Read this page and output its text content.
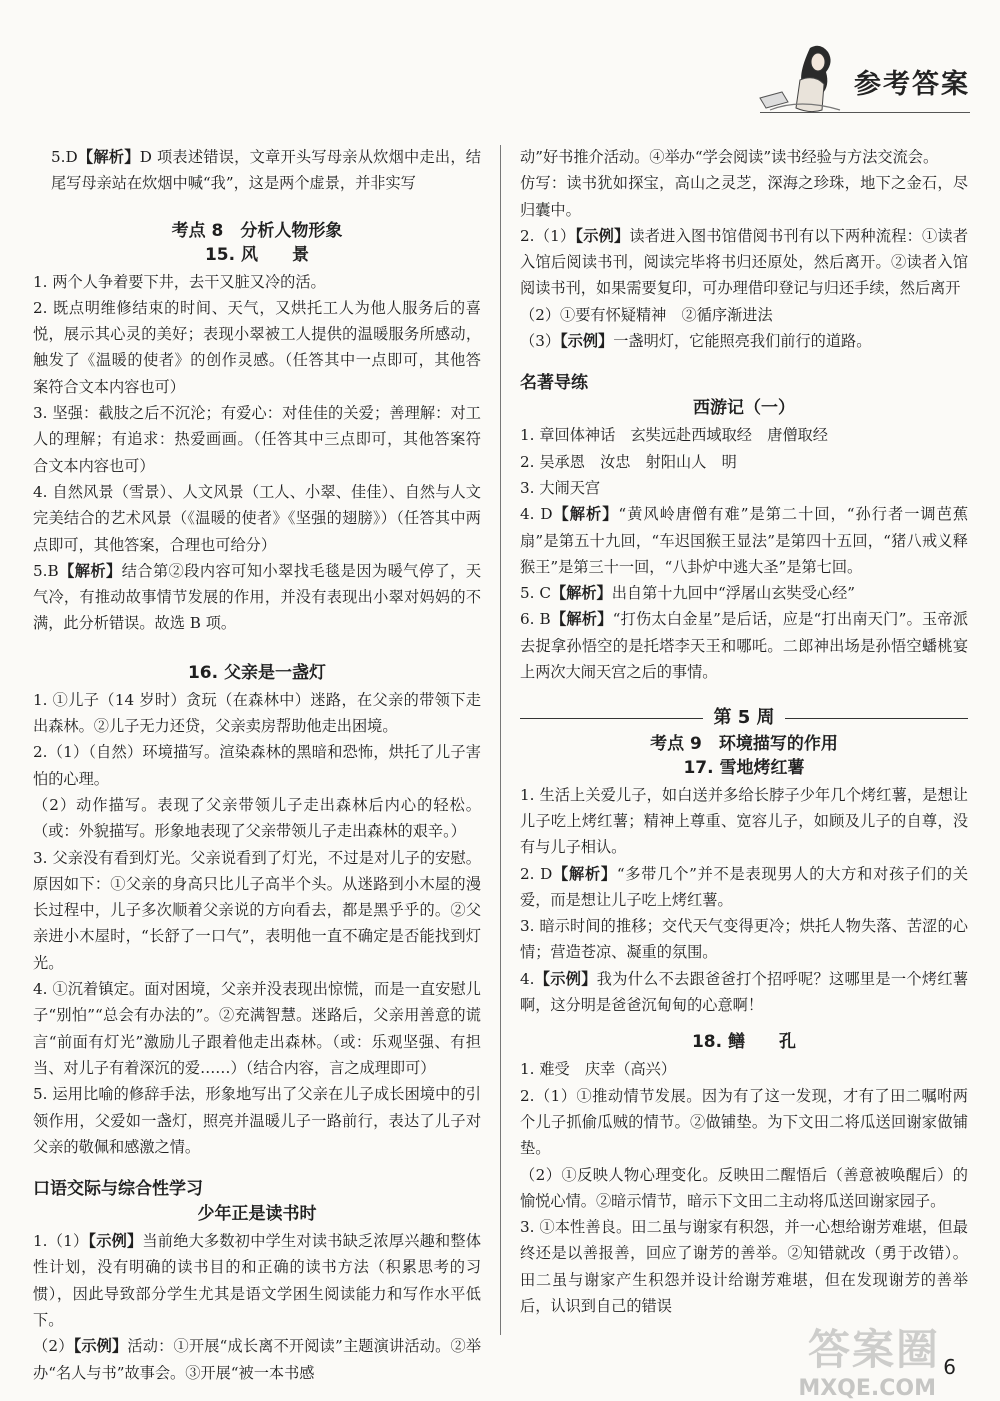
参考答案

5.D【解析】D 项表述错误，文章开头写母亲从炊烟中走出，结尾写母亲站在炊烟中喊“我”，这是两个虚景，并非实写

考点 8　分析人物形象
15. 风　　景

1. 两个人争着要下井，去干又脏又冷的活。

2. 既点明维修结束的时间、天气，又烘托工人为他人服务后的喜悦，展示其心灵的美好；表现小翠被工人提供的温暖服务所感动，触发了《温暖的使者》的创作灵感。（任答其中一点即可，其他答案符合文本内容也可）

3. 坚强：截肢之后不沉沦；有爱心：对佳佳的关爱；善理解：对工人的理解；有追求：热爱画画。（任答其中三点即可，其他答案符合文本内容也可）

4. 自然风景（雪景）、人文风景（工人、小翠、佳佳）、自然与人文完美结合的艺术风景（《温暖的使者》《坚强的翅膀》）（任答其中两点即可，其他答案，合理也可给分）

5.B【解析】结合第②段内容可知小翠找毛毯是因为暖气停了，天气冷，有推动故事情节发展的作用，并没有表现出小翠对妈妈的不满，此分析错误。故选 B 项。

16. 父亲是一盏灯

1. ①儿子（14 岁时）贪玩（在森林中）迷路，在父亲的带领下走出森林。②儿子无力还贷，父亲卖房帮助他走出困境。

2.（1）（自然）环境描写。渲染森林的黑暗和恐怖，烘托了儿子害怕的心理。

（2）动作描写。表现了父亲带领儿子走出森林后内心的轻松。（或：外貌描写。形象地表现了父亲带领儿子走出森林的艰辛。）

3. 父亲没有看到灯光。父亲说看到了灯光，不过是对儿子的安慰。原因如下：①父亲的身高只比儿子高半个头。从迷路到小木屋的漫长过程中，儿子多次顺着父亲说的方向看去，都是黑乎乎的。②父亲进小木屋时，“长舒了一口气”，表明他一直不确定是否能找到灯光。

4. ①沉着镇定。面对困境，父亲并没表现出惊慌，而是一直安慰儿子“别怕”“总会有办法的”。②充满智慧。迷路后，父亲用善意的谎言“前面有灯光”激励儿子跟着他走出森林。（或：乐观坚强、有担当、对儿子有着深沉的爱……）（结合内容，言之成理即可）

5. 运用比喻的修辞手法，形象地写出了父亲在儿子成长困境中的引领作用，父爱如一盏灯，照亮并温暖儿子一路前行，表达了儿子对父亲的敬佩和感激之情。

口语交际与综合性学习
少年正是读书时

1.（1）【示例】当前绝大多数初中学生对读书缺乏浓厚兴趣和整体性计划，没有明确的读书目的和正确的读书方法（积累思考的习惯），因此导致部分学生尤其是语文学困生阅读能力和写作水平低下。

（2）【示例】活动：①开展“成长离不开阅读”主题演讲活动。②举办“名人与书”故事会。③开展“被一本书感

动”好书推介活动。④举办“学会阅读”读书经验与方法交流会。

仿写：读书犹如探宝，高山之灵芝，深海之珍珠，地下之金石，尽归囊中。

2.（1）【示例】读者进入图书馆借阅书刊有以下两种流程：①读者入馆后阅读书刊，阅读完毕将书归还原处，然后离开。②读者入馆阅读书刊，如果需要复印，可办理借印登记与归还手续，然后离开

（2）①要有怀疑精神　②循序渐进法

（3）【示例】一盏明灯，它能照亮我们前行的道路。

名著导练
西游记（一）

1. 章回体神话　玄奘远赴西域取经　唐僧取经

2. 吴承恩　汝忠　射阳山人　明

3. 大闹天宫

4. D【解析】“黄风岭唐僧有难”是第二十回，“孙行者一调芭蕉扇”是第五十九回，“车迟国猴王显法”是第四十五回，“猪八戒义释猴王”是第三十一回，“八卦炉中逃大圣”是第七回。

5. C【解析】出自第十九回中“浮屠山玄奘受心经”

6. B【解析】“打伤太白金星”是后话，应是“打出南天门”。玉帝派去捉拿孙悟空的是托塔李天王和哪吒。二郎神出场是孙悟空蟠桃宴上两次大闹天宫之后的事情。

第 5 周
考点 9　环境描写的作用
17. 雪地烤红薯

1. 生活上关爱儿子，如白送并多给长脖子少年几个烤红薯，是想让儿子吃上烤红薯；精神上尊重、宽容儿子，如顾及儿子的自尊，没有与儿子相认。

2. D【解析】“多带几个”并不是表现男人的大方和对孩子们的关爱，而是想让儿子吃上烤红薯。

3. 暗示时间的推移；交代天气变得更冷；烘托人物失落、苦涩的心情；营造苍凉、凝重的氛围。

4.【示例】我为什么不去跟爸爸打个招呼呢？这哪里是一个烤红薯啊，这分明是爸爸沉甸甸的心意啊！

18. 鳝　　孔

1. 难受　庆幸（高兴）

2.（1）①推动情节发展。因为有了这一发现，才有了田二嘱咐两个儿子抓偷瓜贼的情节。②做铺垫。为下文田二将瓜送回谢家做铺垫。

（2）①反映人物心理变化。反映田二醒悟后（善意被唤醒后）的愉悦心情。②暗示情节，暗示下文田二主动将瓜送回谢家园子。

3. ①本性善良。田二虽与谢家有积怨，并一心想给谢芳难堪，但最终还是以善报善，回应了谢芳的善举。②知错就改（勇于改错）。田二虽与谢家产生积怨并设计给谢芳难堪，但在发现谢芳的善举后，认识到自己的错误

答案圈
MXQE.COM
6
